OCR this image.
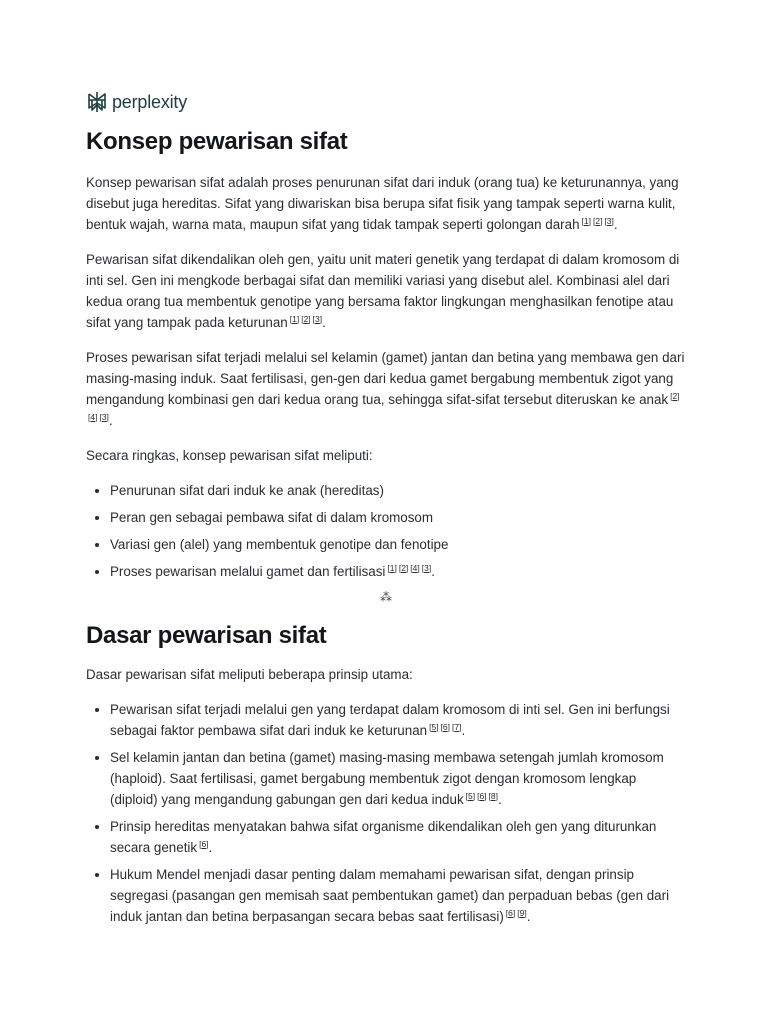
perplexity
Konsep pewarisan sifat

Konsep pewarisan sifat adalah proses penurunan sifat dari induk (orang tua) ke keturunannya, yang disebut juga hereditas. Sifat yang diwariskan bisa berupa sifat fisik yang tampak seperti warna kulit, bentuk wajah, warna mata, maupun sifat yang tidak tampak seperti golongan darah [1] [2] [3].

Pewarisan sifat dikendalikan oleh gen, yaitu unit materi genetik yang terdapat di dalam kromosom di inti sel. Gen ini mengkode berbagai sifat dan memiliki variasi yang disebut alel. Kombinasi alel dari kedua orang tua membentuk genotipe yang bersama faktor lingkungan menghasilkan fenotipe atau sifat yang tampak pada keturunan [1] [2] [3].

Proses pewarisan sifat terjadi melalui sel kelamin (gamet) jantan dan betina yang membawa gen dari masing-masing induk. Saat fertilisasi, gen-gen dari kedua gamet bergabung membentuk zigot yang mengandung kombinasi gen dari kedua orang tua, sehingga sifat-sifat tersebut diteruskan ke anak [2][4] [3].

Secara ringkas, konsep pewarisan sifat meliputi:

• Penurunan sifat dari induk ke anak (hereditas)
• Peran gen sebagai pembawa sifat di dalam kromosom
• Variasi gen (alel) yang membentuk genotipe dan fenotipe
• Proses pewarisan melalui gamet dan fertilisasi [1] [2] [4] [3].
⁂
Dasar pewarisan sifat

Dasar pewarisan sifat meliputi beberapa prinsip utama:

• Pewarisan sifat terjadi melalui gen yang terdapat dalam kromosom di inti sel. Gen ini berfungsi sebagai faktor pembawa sifat dari induk ke keturunan [5] [6] [7].
• Sel kelamin jantan dan betina (gamet) masing-masing membawa setengah jumlah kromosom (haploid). Saat fertilisasi, gamet bergabung membentuk zigot dengan kromosom lengkap (diploid) yang mengandung gabungan gen dari kedua induk [5] [6] [8].
• Prinsip hereditas menyatakan bahwa sifat organisme dikendalikan oleh gen yang diturunkan secara genetik [6].
• Hukum Mendel menjadi dasar penting dalam memahami pewarisan sifat, dengan prinsip segregasi (pasangan gen memisah saat pembentukan gamet) dan perpaduan bebas (gen dari induk jantan dan betina berpasangan secara bebas saat fertilisasi) [6] [9].
